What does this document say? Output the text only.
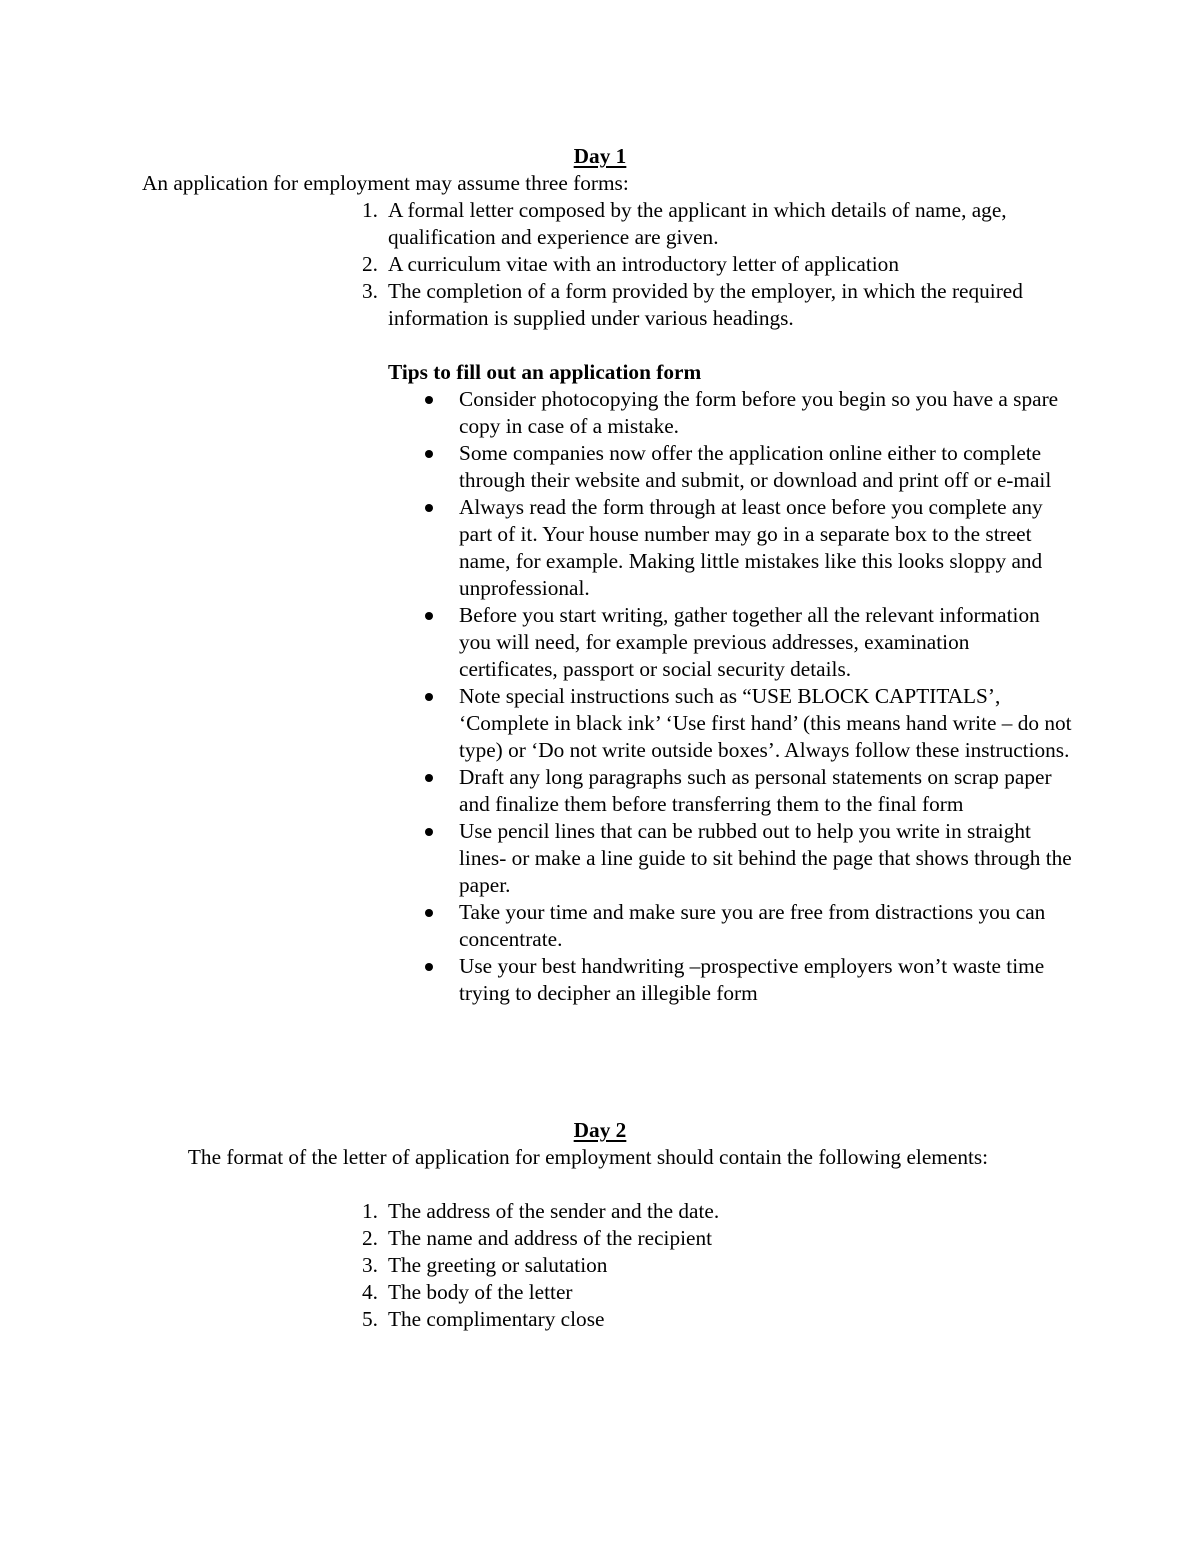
Day 1
An application for employment may assume three forms:
1 . A formal letter composed by the applicant in which details of name, age, qualification and experience are given.
2 . A curriculum vitae with an introductory letter of application
3 . The completion of a form provided by the employer, in which the required information is supplied under various headings.
Tips to fill out an application form
Consider photocopying the form before you begin so you have a spare copy in case of a mistake.
Some companies now offer the application online either to complete through their website and submit, or download and print off or e-mail
Always read the form through at least once before you complete any part of it. Your house number may go in a separate box to the street name, for example. Making little mistakes like this looks sloppy and unprofessional.
Before you start writing, gather together all the relevant information you will need, for example previous addresses, examination certificates, passport or social security details.
Note special instructions such as “USE BLOCK CAPTITALS’, ‘Complete in black ink’ ‘Use first hand’ (this means hand write – do not type) or ‘Do not write outside boxes’. Always follow these instructions.
Draft any long paragraphs such as personal statements on scrap paper and finalize them before transferring them to the final form
Use pencil lines that can be rubbed out to help you write in straight lines- or make a line guide to sit behind the page that shows through the paper.
Take your time and make sure you are free from distractions you can concentrate.
Use your best handwriting –prospective employers won’t waste time trying to decipher an illegible form
Day 2
The format of the letter of application for employment should contain the following elements:
1 . The address of the sender and the date.
2 . The name and address of the recipient
3 . The greeting or salutation
4 . The body of the letter
5 . The complimentary close
